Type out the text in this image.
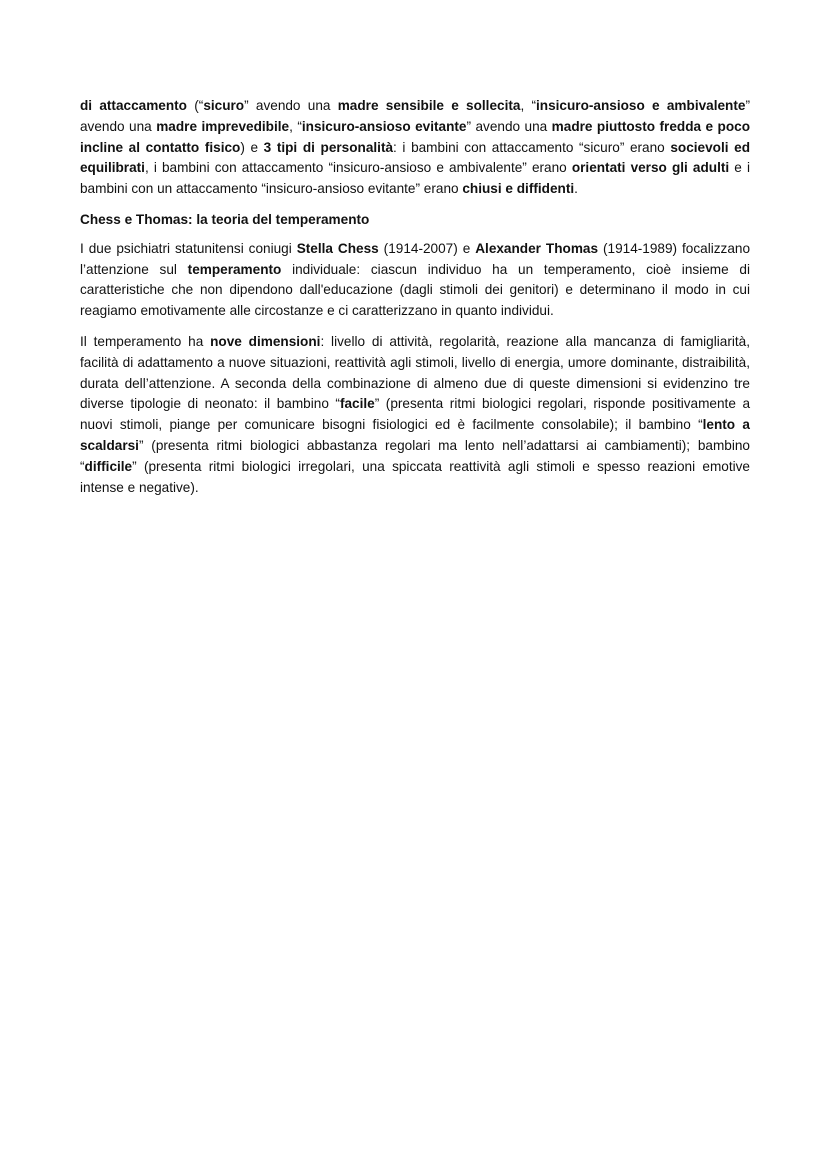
di attaccamento (“sicuro” avendo una madre sensibile e sollecita, “insicuro-ansioso e ambivalente” avendo una madre imprevedibile, “insicuro-ansioso evitante” avendo una madre piuttosto fredda e poco incline al contatto fisico) e 3 tipi di personalità: i bambini con attaccamento “sicuro” erano socievoli ed equilibrati, i bambini con attaccamento “insicuro-ansioso e ambivalente” erano orientati verso gli adulti e i bambini con un attaccamento “insicuro-ansioso evitante” erano chiusi e diffidenti.

Chess e Thomas: la teoria del temperamento

I due psichiatri statunitensi coniugi Stella Chess (1914-2007) e Alexander Thomas (1914-1989) focalizzano l’attenzione sul temperamento individuale: ciascun individuo ha un temperamento, cioè insieme di caratteristiche che non dipendono dall'educazione (dagli stimoli dei genitori) e determinano il modo in cui reagiamo emotivamente alle circostanze e ci caratterizzano in quanto individui.

Il temperamento ha nove dimensioni: livello di attività, regolarità, reazione alla mancanza di famigliarità, facilità di adattamento a nuove situazioni, reattività agli stimoli, livello di energia, umore dominante, distraibilità, durata dell’attenzione. A seconda della combinazione di almeno due di queste dimensioni si evidenzino tre diverse tipologie di neonato: il bambino “facile” (presenta ritmi biologici regolari, risponde positivamente a nuovi stimoli, piange per comunicare bisogni fisiologici ed è facilmente consolabile); il bambino “lento a scaldarsi” (presenta ritmi biologici abbastanza regolari ma lento nell’adattarsi ai cambiamenti); bambino “difficile” (presenta ritmi biologici irregolari, una spiccata reattività agli stimoli e spesso reazioni emotive intense e negative).
